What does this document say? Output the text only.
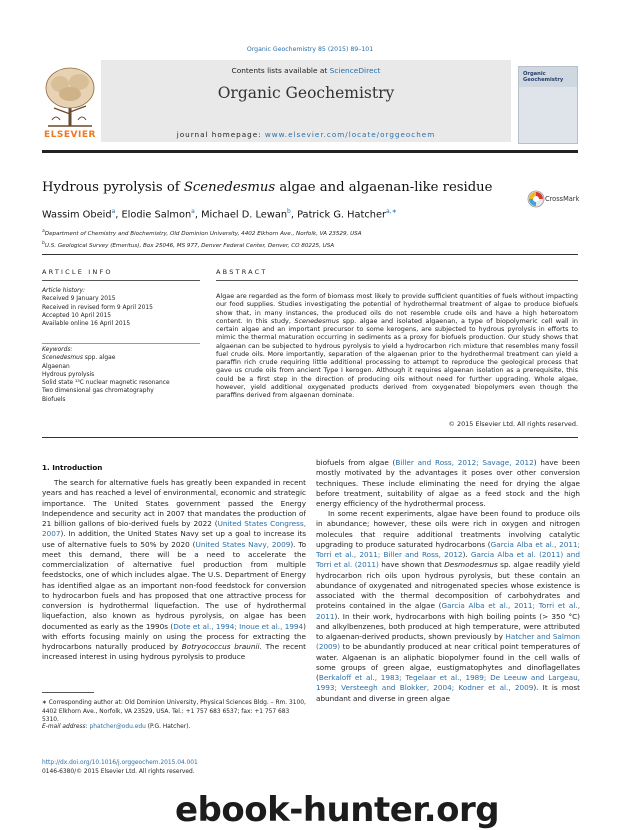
Organic Geochemistry 85 (2015) 89–101
ELSEVIER
Contents lists available at ScienceDirect
Organic Geochemistry
journal homepage: www.elsevier.com/locate/orggeochem
Organic Geochemistry
Hydrous pyrolysis of Scenedesmus algae and algaenan-like residue
CrossMark
Wassim Obeid$^a$, Elodie Salmon$^a$, Michael D. Lewan$^b$, Patrick G. Hatcher$^{a,∗}$
$^a$Department of Chemistry and Biochemistry, Old Dominion University, 4402 Elkhorn Ave., Norfolk, VA 23529, USA
$^b$U.S. Geological Survey (Emeritus), Box 25046, MS 977, Denver Federal Center, Denver, CO 80225, USA
ARTICLE INFO
Article history:
Received 9 January 2015
Received in revised form 9 April 2015
Accepted 10 April 2015
Available online 16 April 2015
Keywords:
Scenedesmus spp. algae
Algaenan
Hydrous pyrolysis
Solid state ¹³C nuclear magnetic resonance
Two dimensional gas chromatography
Biofuels
ABSTRACT
Algae are regarded as the form of biomass most likely to provide sufficient quantities of fuels without impacting our food supplies. Studies investigating the potential of hydrothermal treatment of algae to produce biofuels show that, in many instances, the produced oils do not resemble crude oils and have a high heteroatom content. In this study, Scenedesmus spp. algae and isolated algaenan, a type of biopolymeric cell wall in certain algae and an important precursor to some kerogens, are subjected to hydrous pyrolysis in efforts to mimic the thermal maturation occurring in sediments as a proxy for biofuels production. Our study shows that algaenan can be subjected to hydrous pyrolysis to yield a hydrocarbon rich mixture that resembles many fossil fuel crude oils. More importantly, separation of the algaenan prior to the hydrothermal treatment can yield a paraffin rich crude requiring little additional processing to attempt to reproduce the geological process that gave us crude oils from ancient Type I kerogen. Although it requires algaenan isolation as a prerequisite, this could be a first step in the direction of producing oils without need for further upgrading. Whole algae, however, yield additional oxygenated products derived from oxygenated biopolymers even though the paraffins derived from algaenan dominate.
© 2015 Elsevier Ltd. All rights reserved.
1. Introduction
The search for alternative fuels has greatly been expanded in recent years and has reached a level of environmental, economic and strategic importance. The United States government passed the Energy Independence and security act in 2007 that mandates the production of 21 billion gallons of bio-derived fuels by 2022 (United States Congress, 2007). In addition, the United States Navy set up a goal to increase its use of alternative fuels to 50% by 2020 (United States Navy, 2009). To meet this demand, there will be a need to accelerate the commercialization of alternative fuel production from multiple feedstocks, one of which includes algae. The U.S. Department of Energy has identified algae as an important non-food feedstock for conversion to hydrocarbon fuels and has proposed that one attractive process for conversion is hydrothermal liquefaction. The use of hydrothermal liquefaction, also known as hydrous pyrolysis, on algae has been documented as early as the 1990s (Dote et al., 1994; Inoue et al., 1994) with efforts focusing mainly on using the process for extracting the hydrocarbons naturally produced by Botryococcus braunii. The recent increased interest in using hydrous pyrolysis to produce
biofuels from algae (Biller and Ross, 2012; Savage, 2012) have been mostly motivated by the advantages it poses over other conversion techniques. These include eliminating the need for drying the algae before treatment, suitability of algae as a feed stock and the high energy efficiency of the hydrothermal process.
In some recent experiments, algae have been found to produce oils in abundance; however, these oils were rich in oxygen and nitrogen molecules that require additional treatments involving catalytic upgrading to produce saturated hydrocarbons (Garcia Alba et al., 2011; Torri et al., 2011; Biller and Ross, 2012). Garcia Alba et al. (2011) and Torri et al. (2011) have shown that Desmodesmus sp. algae readily yield hydrocarbon rich oils upon hydrous pyrolysis, but these contain an abundance of oxygenated and nitrogenated species whose existence is associated with the thermal decomposition of carbohydrates and proteins contained in the algae (Garcia Alba et al., 2011; Torri et al., 2011). In their work, hydrocarbons with high boiling points (> 350 °C) and alkylbenzenes, both produced at high temperature, were attributed to algaenan-derived products, shown previously by Hatcher and Salmon (2009) to be abundantly produced at near critical point temperatures of water. Algaenan is an aliphatic biopolymer found in the cell walls of some groups of green algae, eustigmatophytes and dinoflagellates (Berkaloff et al., 1983; Tegelaar et al., 1989; De Leeuw and Largeau, 1993; Versteegh and Blokker, 2004; Kodner et al., 2009). It is most abundant and diverse in green algae
∗ Corresponding author at: Old Dominion University, Physical Sciences Bldg. – Rm. 3100, 4402 Elkhorn Ave., Norfolk, VA 23529, USA. Tel.: +1 757 683 6537; fax: +1 757 683 5310.
E-mail address: phatcher@odu.edu (P.G. Hatcher).
http://dx.doi.org/10.1016/j.orggeochem.2015.04.001
0146-6380/© 2015 Elsevier Ltd. All rights reserved.
ebook-hunter.org
